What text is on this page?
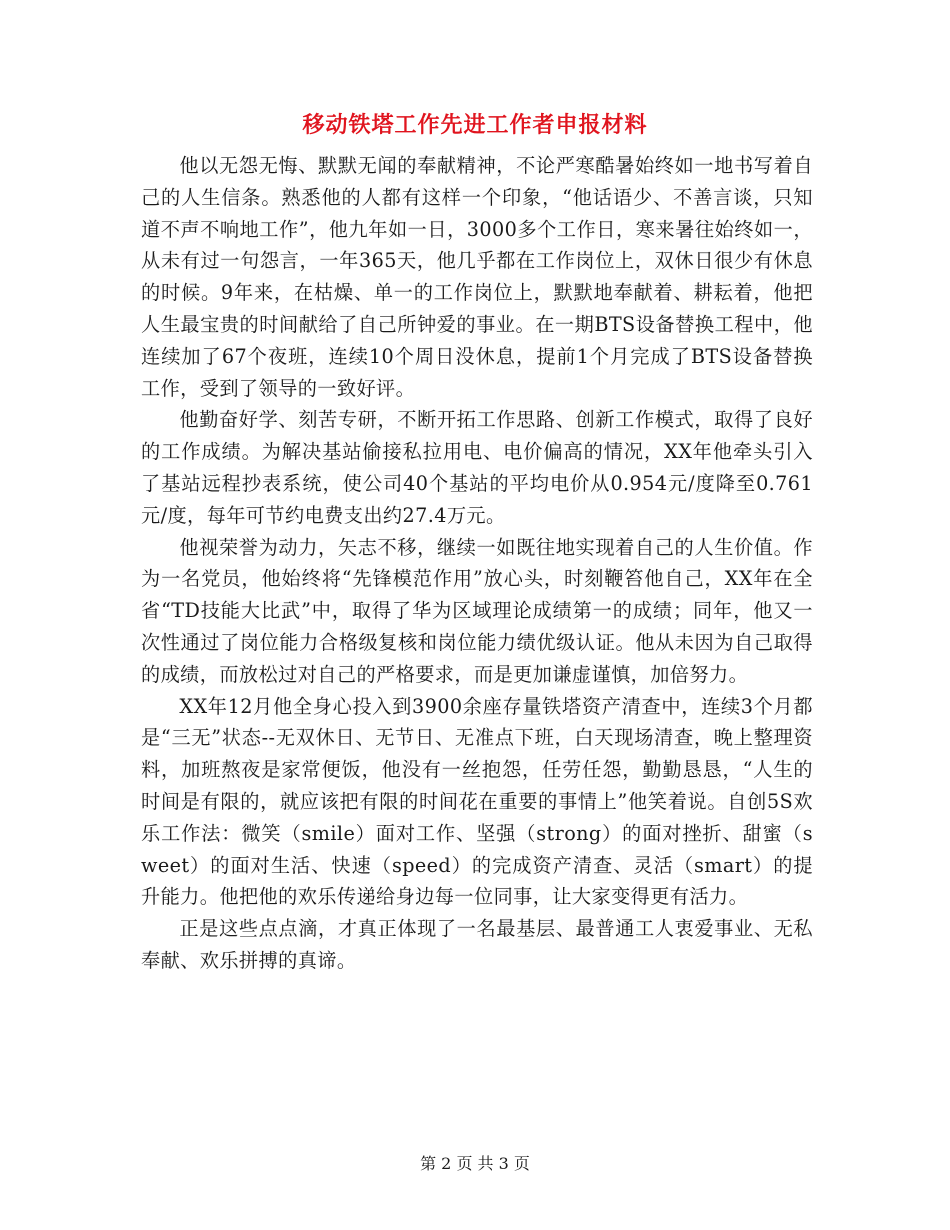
移动铁塔工作先进工作者申报材料

他以无怨无悔、默默无闻的奉献精神，不论严寒酷暑始终如一地书写着自己的人生信条。熟悉他的人都有这样一个印象，“他话语少、不善言谈，只知道不声不响地工作”，他九年如一日，3000多个工作日，寒来暑往始终如一，从未有过一句怨言，一年365天，他几乎都在工作岗位上，双休日很少有休息的时候。9年来，在枯燥、单一的工作岗位上，默默地奉献着、耕耘着，他把人生最宝贵的时间献给了自己所钟爱的事业。在一期BTS设备替换工程中，他连续加了67个夜班，连续10个周日没休息，提前1个月完成了BTS设备替换工作，受到了领导的一致好评。

他勤奋好学、刻苦专研，不断开拓工作思路、创新工作模式，取得了良好的工作成绩。为解决基站偷接私拉用电、电价偏高的情况，XX年他牵头引入了基站远程抄表系统，使公司40个基站的平均电价从0.954元/度降至0.761元/度，每年可节约电费支出约27.4万元。

他视荣誉为动力，矢志不移，继续一如既往地实现着自己的人生价值。作为一名党员，他始终将“先锋模范作用”放心头，时刻鞭笞他自己，XX年在全省“TD技能大比武”中，取得了华为区域理论成绩第一的成绩；同年，他又一次性通过了岗位能力合格级复核和岗位能力绩优级认证。他从未因为自己取得的成绩，而放松过对自己的严格要求，而是更加谦虚谨慎，加倍努力。

XX年12月他全身心投入到3900余座存量铁塔资产清查中，连续3个月都是“三无”状态--无双休日、无节日、无准点下班，白天现场清查，晚上整理资料，加班熬夜是家常便饭，他没有一丝抱怨，任劳任怨，勤勤恳恳，“人生的时间是有限的，就应该把有限的时间花在重要的事情上”他笑着说。自创5S欢乐工作法：微笑（smile）面对工作、坚强（strong）的面对挫折、甜蜜（sweet）的面对生活、快速（speed）的完成资产清查、灵活（smart）的提升能力。他把他的欢乐传递给身边每一位同事，让大家变得更有活力。

正是这些点点滴，才真正体现了一名最基层、最普通工人衷爱事业、无私奉献、欢乐拼搏的真谛。

第 2 页 共 3 页
